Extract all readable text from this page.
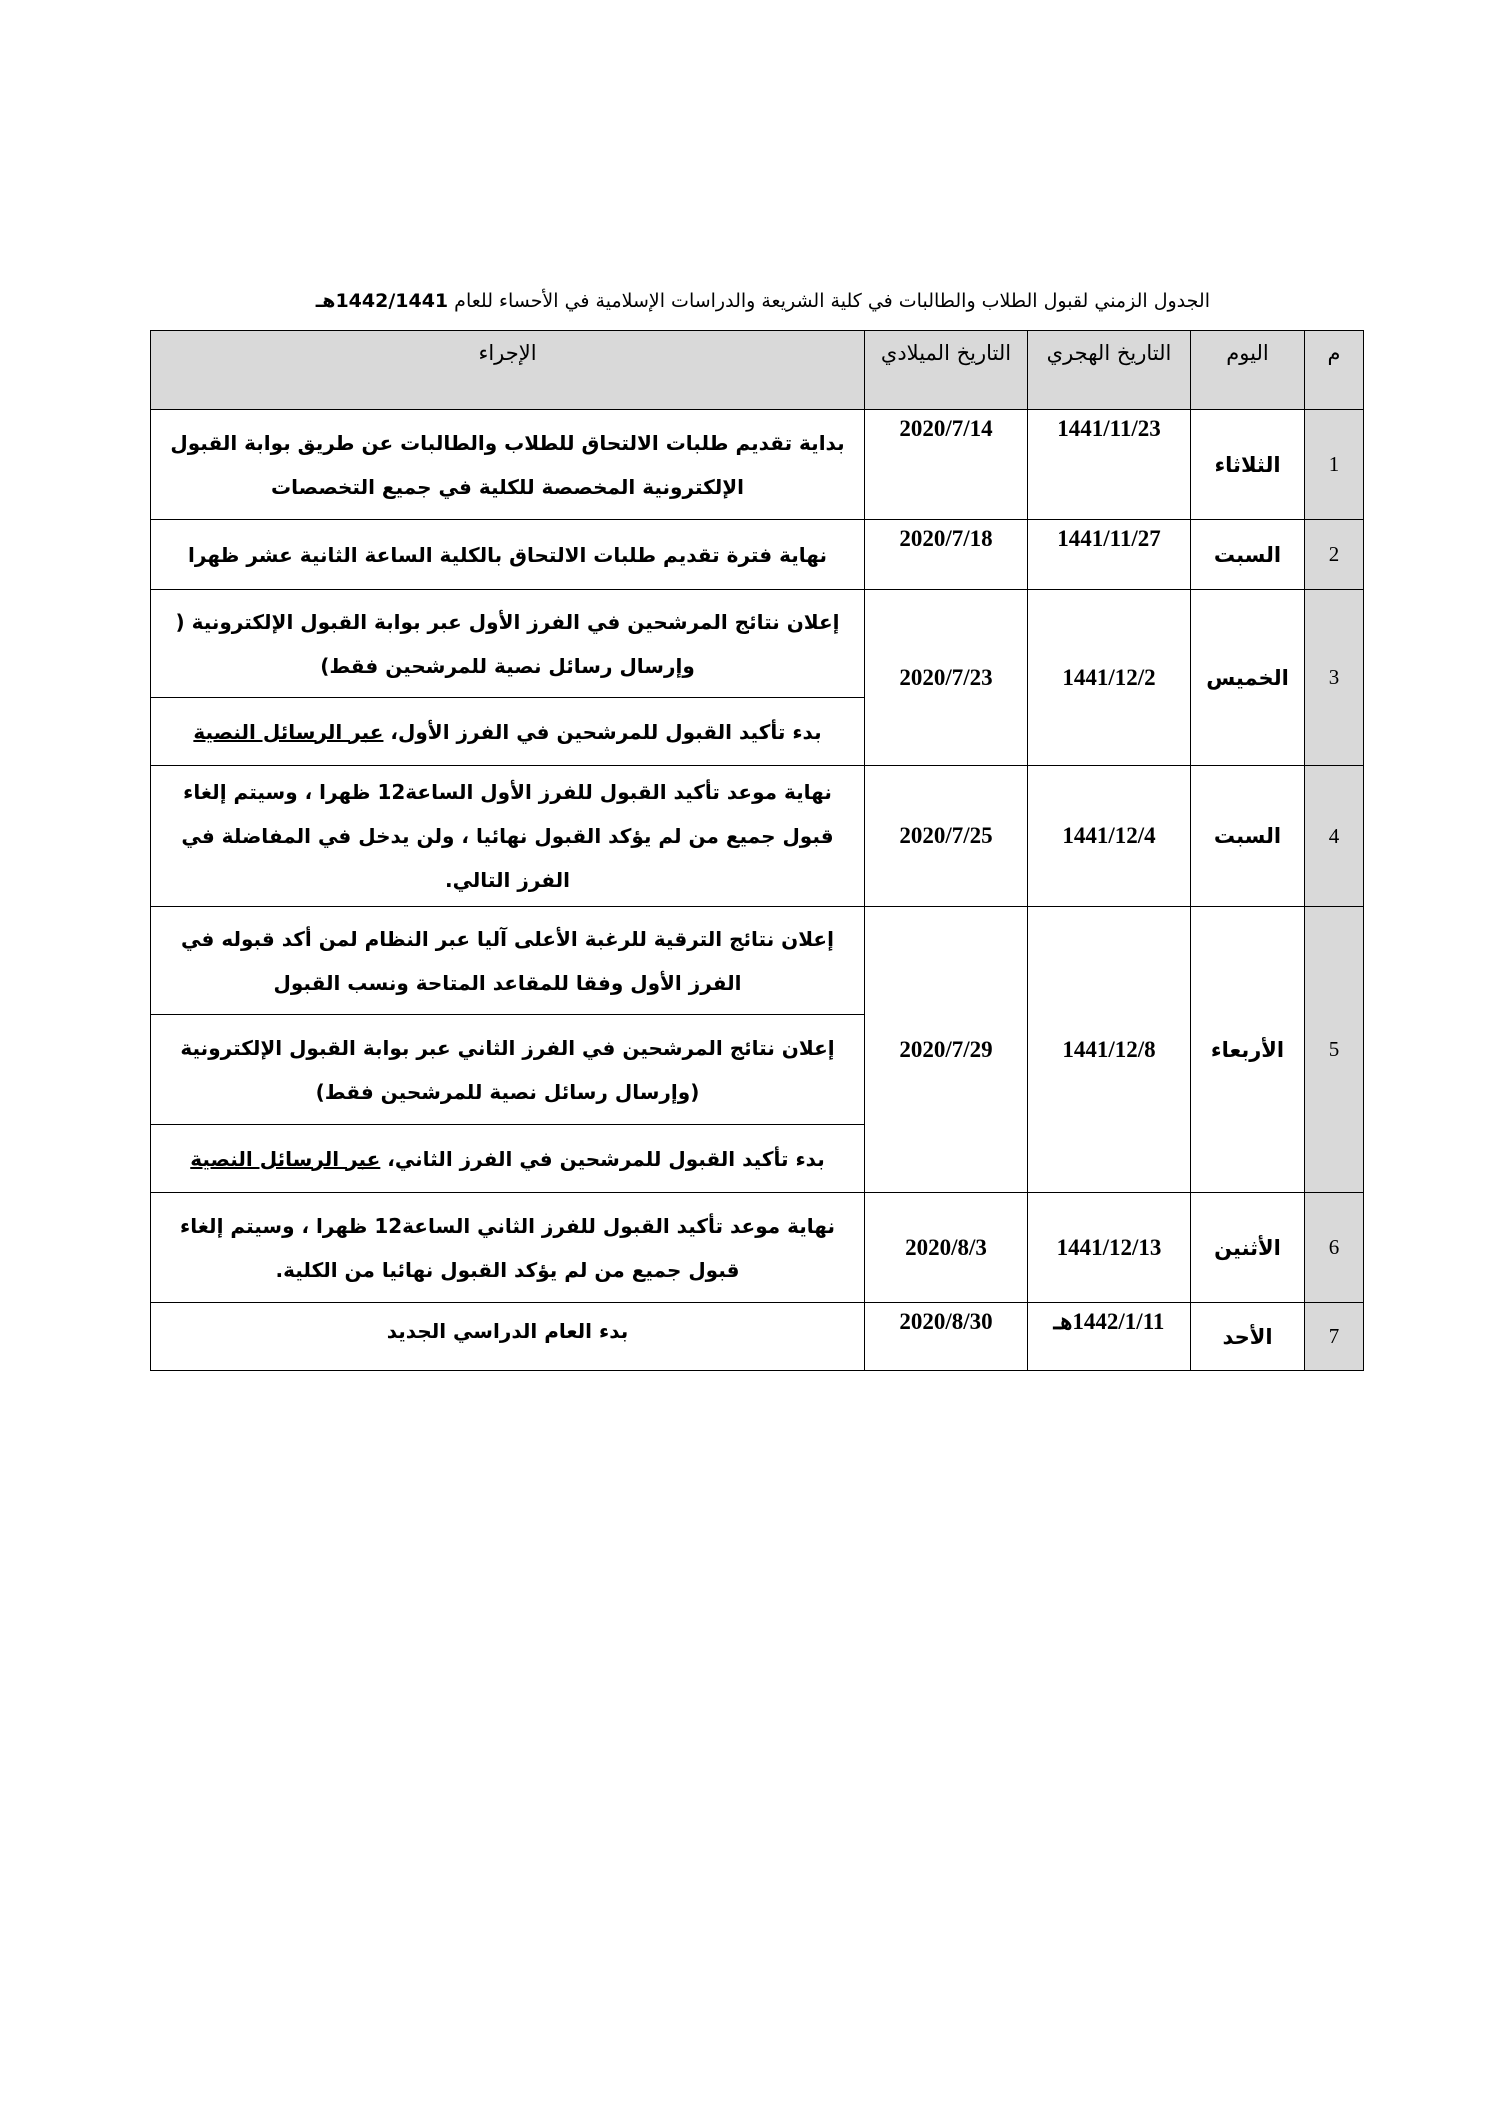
الجدول الزمني لقبول الطلاب والطالبات في كلية الشريعة والدراسات الإسلامية في الأحساء للعام 1442/1441هـ
م	اليوم	التاريخ الهجري	التاريخ الميلادي	الإجراء
1	الثلاثاء	1441/11/23	2020/7/14	بداية تقديم طلبات الالتحاق للطلاب والطالبات عن طريق بوابة القبول الإلكترونية المخصصة للكلية في جميع التخصصات
2	السبت	1441/11/27	2020/7/18	نهاية فترة تقديم طلبات الالتحاق بالكلية الساعة الثانية عشر ظهرا
3	الخميس	1441/12/2	2020/7/23	إعلان نتائج المرشحين في الفرز الأول عبر بوابة القبول الإلكترونية ( وإرسال رسائل نصية للمرشحين فقط)
				بدء تأكيد القبول للمرشحين في الفرز الأول، عبر الرسائل النصية
4	السبت	1441/12/4	2020/7/25	نهاية موعد تأكيد القبول للفرز الأول الساعة12 ظهرا ، وسيتم إلغاء قبول جميع من لم يؤكد القبول نهائيا ، ولن يدخل في المفاضلة في الفرز التالي.
5	الأربعاء	1441/12/8	2020/7/29	إعلان نتائج الترقية للرغبة الأعلى آليا عبر النظام لمن أكد قبوله في الفرز الأول وفقا للمقاعد المتاحة ونسب القبول
				إعلان نتائج المرشحين في الفرز الثاني عبر بوابة القبول الإلكترونية (وإرسال رسائل نصية للمرشحين فقط)
				بدء تأكيد القبول للمرشحين في الفرز الثاني، عبر الرسائل النصية
6	الأثنين	1441/12/13	2020/8/3	نهاية موعد تأكيد القبول للفرز الثاني الساعة12 ظهرا ، وسيتم إلغاء قبول جميع من لم يؤكد القبول نهائيا من الكلية.
7	الأحد	1442/1/11هـ	2020/8/30	بدء العام الدراسي الجديد
